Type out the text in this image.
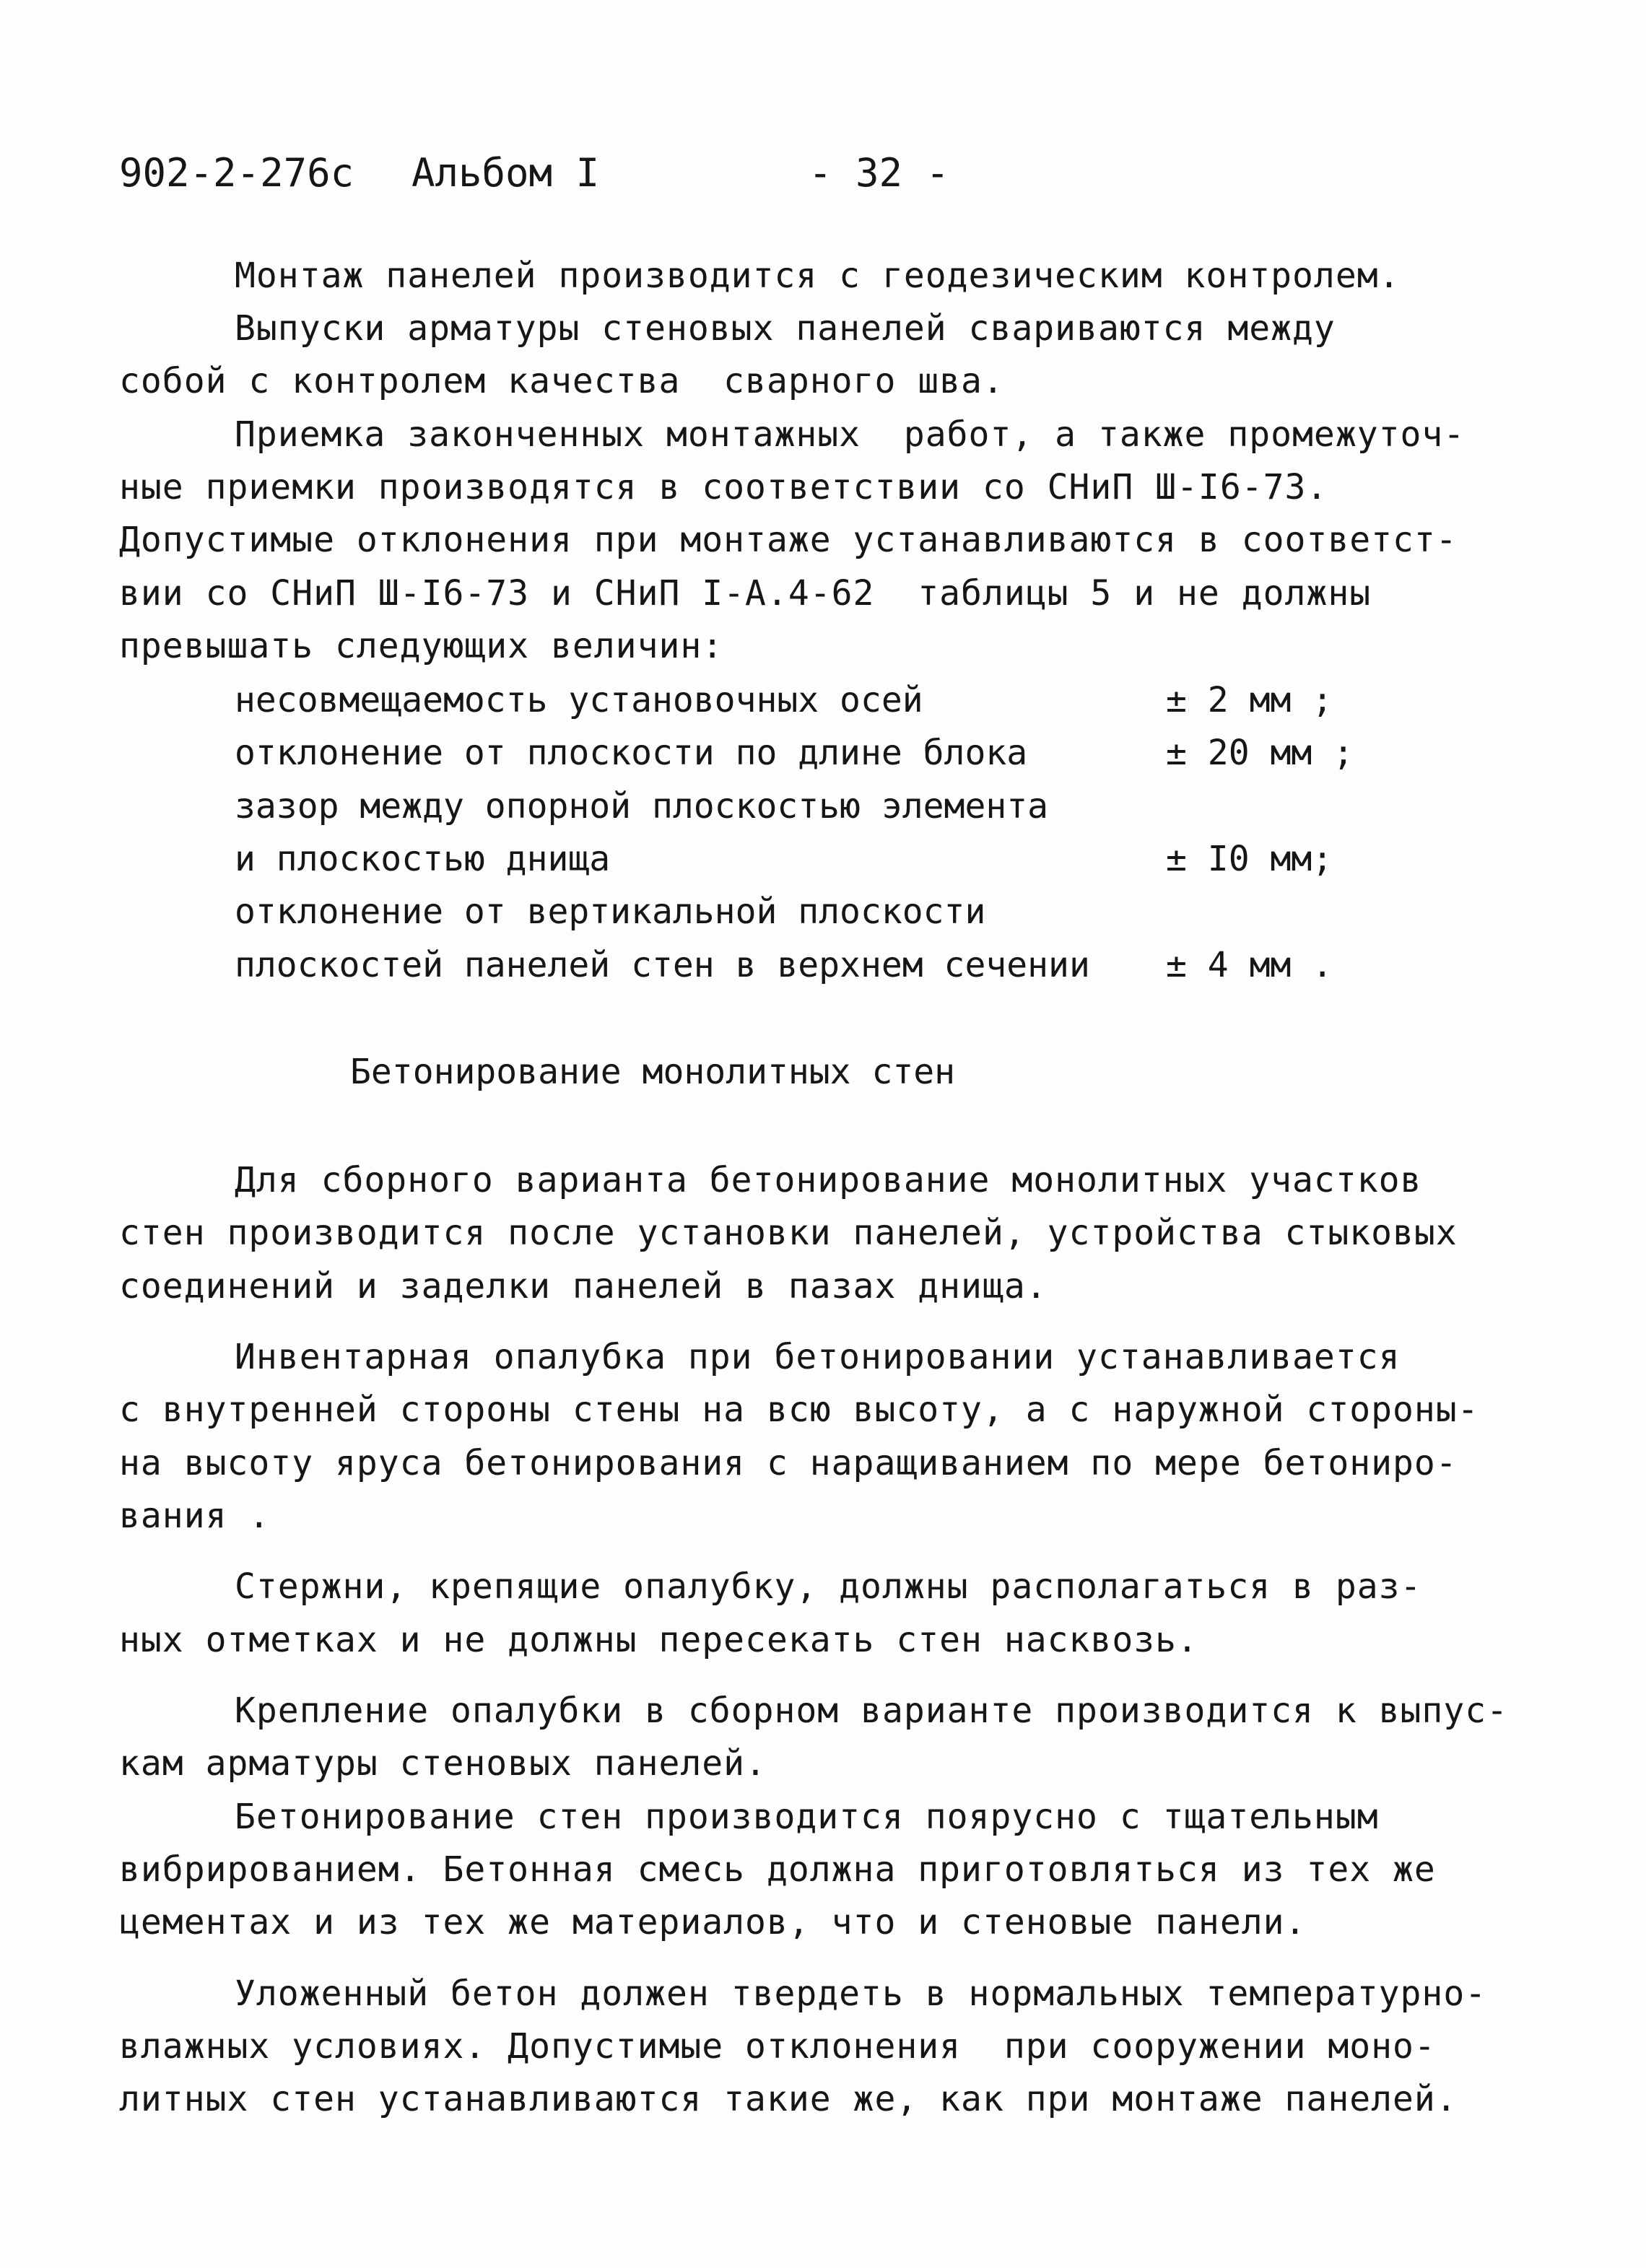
902-2-276с Альбом I	- 32 -
Монтаж панелей производится с геодезическим контролем.
Выпуски арматуры стеновых панелей свариваются между
собой с контролем качества  сварного шва.
Приемка законченных монтажных  работ, а также промежуточ-
ные приемки производятся в соответствии со СНиП Ш-I6-73.
Допустимые отклонения при монтаже устанавливаются в соответст-
вии со СНиП Ш-I6-73 и СНиП I-А.4-62  таблицы 5 и не должны
превышать следующих величин:
несовмещаемость установочных осей	± 2 мм ;
отклонение от плоскости по длине блока	± 20 мм ;
зазор между опорной плоскостью элемента
и плоскостью днища	± I0 мм;
отклонение от вертикальной плоскости
плоскостей панелей стен в верхнем сечении ± 4 мм .
Бетонирование монолитных стен
Для сборного варианта бетонирование монолитных участков
стен производится после установки панелей, устройства стыковых
соединений и заделки панелей в пазах днища.
Инвентарная опалубка при бетонировании устанавливается
с внутренней стороны стены на всю высоту, а с наружной стороны-
на высоту яруса бетонирования с наращиванием по мере бетониро-
вания .
Стержни, крепящие опалубку, должны располагаться в раз-
ных отметках и не должны пересекать стен насквозь.
Крепление опалубки в сборном варианте производится к выпус-
кам арматуры стеновых панелей.
Бетонирование стен производится поярусно с тщательным
вибрированием. Бетонная смесь должна приготовляться из тех же
цементах и из тех же материалов, что и стеновые панели.
Уложенный бетон должен твердеть в нормальных температурно-
влажных условиях. Допустимые отклонения  при сооружении моно-
литных стен устанавливаются такие же, как при монтаже панелей.
